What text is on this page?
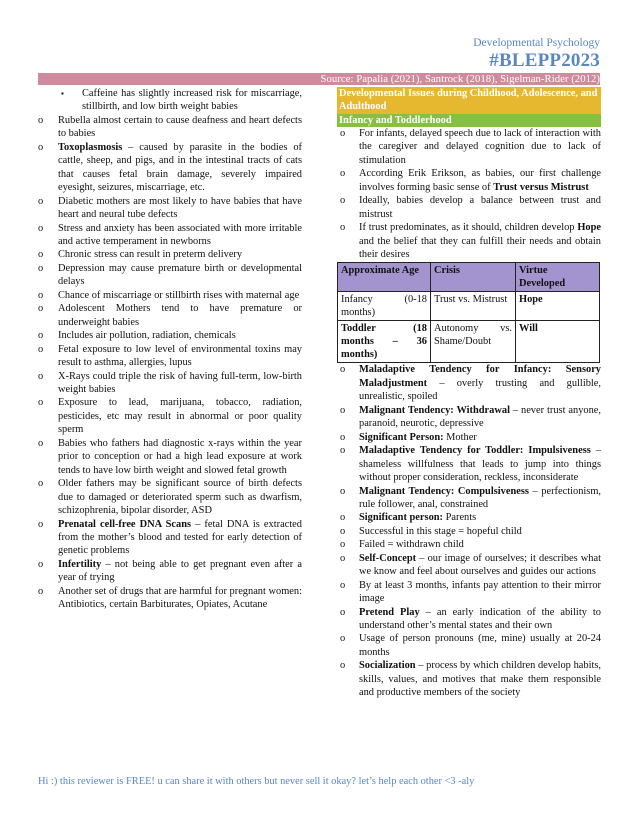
Developmental Psychology
#BLEPP2023
Source: Papalia (2021), Santrock (2018), Sigelman-Rider (2012)
▪ Caffeine has slightly increased risk for miscarriage, stillbirth, and low birth weight babies
o Rubella almost certain to cause deafness and heart defects to babies
o Toxoplasmosis – caused by parasite in the bodies of cattle, sheep, and pigs, and in the intestinal tracts of cats that causes fetal brain damage, severely impaired eyesight, seizures, miscarriage, etc.
o Diabetic mothers are most likely to have babies that have heart and neural tube defects
o Stress and anxiety has been associated with more irritable and active temperament in newborns
o Chronic stress can result in preterm delivery
o Depression may cause premature birth or developmental delays
o Chance of miscarriage or stillbirth rises with maternal age
o Adolescent Mothers tend to have premature or underweight babies
o Includes air pollution, radiation, chemicals
o Fetal exposure to low level of environmental toxins may result to asthma, allergies, lupus
o X-Rays could triple the risk of having full-term, low-birth weight babies
o Exposure to lead, marijuana, tobacco, radiation, pesticides, etc may result in abnormal or poor quality sperm
o Babies who fathers had diagnostic x-rays within the year prior to conception or had a high lead exposure at work tends to have low birth weight and slowed fetal growth
o Older fathers may be significant source of birth defects due to damaged or deteriorated sperm such as dwarfism, schizophrenia, bipolar disorder, ASD
o Prenatal cell-free DNA Scans – fetal DNA is extracted from the mother’s blood and tested for early detection of genetic problems
o Infertility – not being able to get pregnant even after a year of trying
o Another set of drugs that are harmful for pregnant women: Antibiotics, certain Barbiturates, Opiates, Acutane
Developmental Issues during Childhood, Adolescence, and Adulthood
Infancy and Toddlerhood
o For infants, delayed speech due to lack of interaction with the caregiver and delayed cognition due to lack of stimulation
o According Erik Erikson, as babies, our first challenge involves forming basic sense of Trust versus Mistrust
o Ideally, babies develop a balance between trust and mistrust
o If trust predominates, as it should, children develop Hope and the belief that they can fulfill their needs and obtain their desires
Approximate Age	Crisis	Virtue Developed
Infancy (0-18 months)	Trust vs. Mistrust	Hope
Toddler (18 months – 36 months)	Autonomy vs. Shame/Doubt	Will
o Maladaptive Tendency for Infancy: Sensory Maladjustment – overly trusting and gullible, unrealistic, spoiled
o Malignant Tendency: Withdrawal – never trust anyone, paranoid, neurotic, depressive
o Significant Person: Mother
o Maladaptive Tendency for Toddler: Impulsiveness – shameless willfulness that leads to jump into things without proper consideration, reckless, inconsiderate
o Malignant Tendency: Compulsiveness – perfectionism, rule follower, anal, constrained
o Significant person: Parents
o Successful in this stage = hopeful child
o Failed = withdrawn child
o Self-Concept – our image of ourselves; it describes what we know and feel about ourselves and guides our actions
o By at least 3 months, infants pay attention to their mirror image
o Pretend Play – an early indication of the ability to understand other’s mental states and their own
o Usage of person pronouns (me, mine) usually at 20-24 months
o Socialization – process by which children develop habits, skills, values, and motives that make them responsible and productive members of the society
Hi :) this reviewer is FREE! u can share it with others but never sell it okay? let’s help each other <3 -aly
